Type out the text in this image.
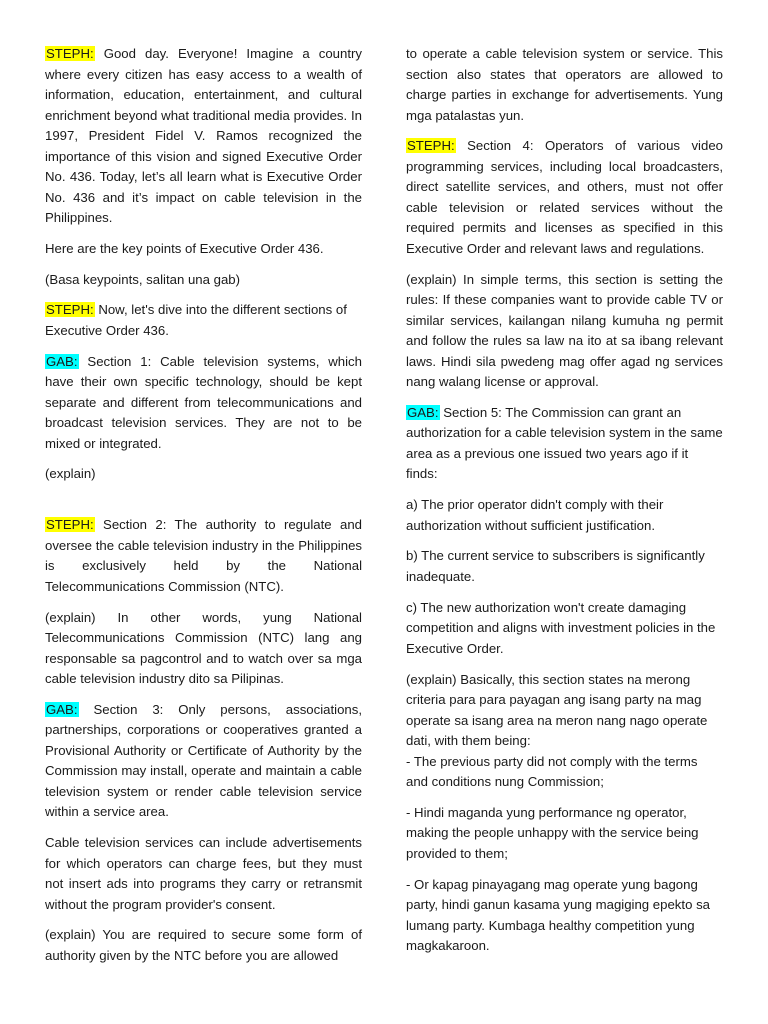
STEPH: Good day. Everyone! Imagine a country where every citizen has easy access to a wealth of information, education, entertainment, and cultural enrichment beyond what traditional media provides. In 1997, President Fidel V. Ramos recognized the importance of this vision and signed Executive Order No. 436. Today, let’s all learn what is Executive Order No. 436 and it’s impact on cable television in the Philippines.

Here are the key points of Executive Order 436.

(Basa keypoints, salitan una gab)

STEPH: Now, let's dive into the different sections of Executive Order 436.

GAB: Section 1: Cable television systems, which have their own specific technology, should be kept separate and different from telecommunications and broadcast television services. They are not to be mixed or integrated.

(explain)

STEPH: Section 2: The authority to regulate and oversee the cable television industry in the Philippines is exclusively held by the National Telecommunications Commission (NTC).

(explain) In other words, yung National Telecommunications Commission (NTC) lang ang responsable sa pagcontrol and to watch over sa mga cable television industry dito sa Pilipinas.

GAB: Section 3: Only persons, associations, partnerships, corporations or cooperatives granted a Provisional Authority or Certificate of Authority by the Commission may install, operate and maintain a cable television system or render cable television service within a service area.

Cable television services can include advertisements for which operators can charge fees, but they must not insert ads into programs they carry or retransmit without the program provider's consent.

(explain) You are required to secure some form of authority given by the NTC before you are allowed

to operate a cable television system or service. This section also states that operators are allowed to charge parties in exchange for advertisements. Yung mga patalastas yun.

STEPH: Section 4: Operators of various video programming services, including local broadcasters, direct satellite services, and others, must not offer cable television or related services without the required permits and licenses as specified in this Executive Order and relevant laws and regulations.

(explain) In simple terms, this section is setting the rules: If these companies want to provide cable TV or similar services, kailangan nilang kumuha ng permit and follow the rules sa law na ito at sa ibang relevant laws. Hindi sila pwedeng mag offer agad ng services nang walang license or approval.

GAB: Section 5: The Commission can grant an authorization for a cable television system in the same area as a previous one issued two years ago if it finds:

a) The prior operator didn't comply with their authorization without sufficient justification.

b) The current service to subscribers is significantly inadequate.

c) The new authorization won't create damaging competition and aligns with investment policies in the Executive Order.

(explain) Basically, this section states na merong criteria para para payagan ang isang party na mag operate sa isang area na meron nang nago operate dati, with them being:

- The previous party did not comply with the terms and conditions nung Commission;

- Hindi maganda yung performance ng operator, making the people unhappy with the service being provided to them;

- Or kapag pinayagang mag operate yung bagong party, hindi ganun kasama yung magiging epekto sa lumang party. Kumbaga healthy competition yung magkakaroon.
